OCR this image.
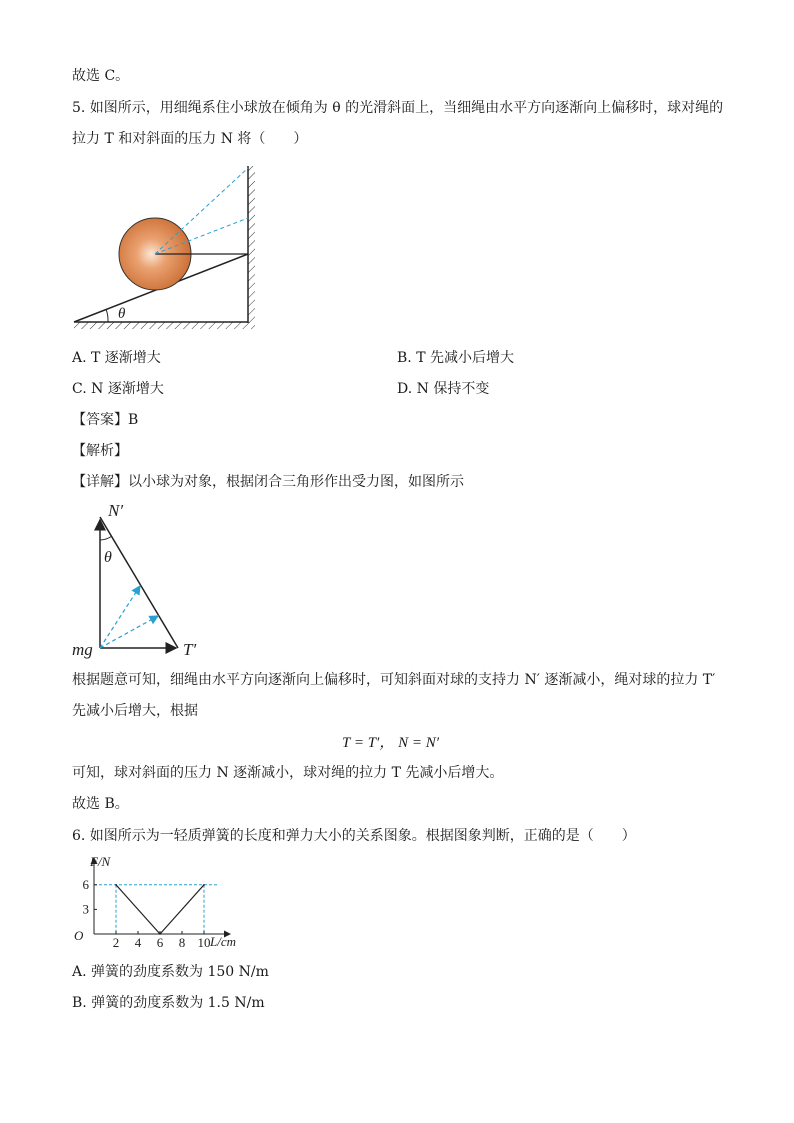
故选 C。
5. 如图所示，用细绳系住小球放在倾角为 θ 的光滑斜面上，当细绳由水平方向逐渐向上偏移时，球对绳的
拉力 T 和对斜面的压力 N 将（　　）
θ
A. T 逐渐增大	B. T 先减小后增大
C. N 逐渐增大	D. N 保持不变
【答案】B
【解析】
【详解】以小球为对象，根据闭合三角形作出受力图，如图所示
N′
θ
mg	T′
根据题意可知，细绳由水平方向逐渐向上偏移时，可知斜面对球的支持力 N′ 逐渐减小，绳对球的拉力 T′
先减小后增大，根据
T = T′， N = N′
可知，球对斜面的压力 N 逐渐减小，球对绳的拉力 T 先减小后增大。
故选 B。
6. 如图所示为一轻质弹簧的长度和弹力大小的关系图象。根据图象判断，正确的是（　　）
F/N
L/cm
O 2 4 6 8 10
3
6
A. 弹簧的劲度系数为 150 N/m
B. 弹簧的劲度系数为 1.5 N/m
